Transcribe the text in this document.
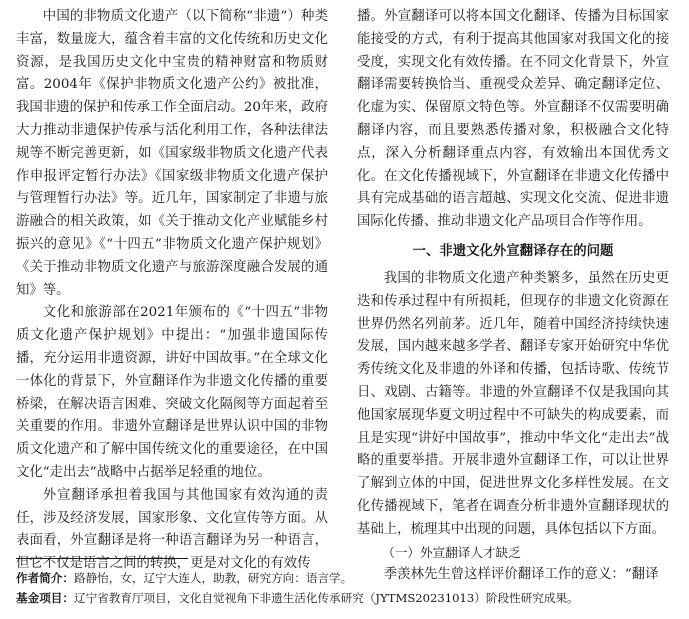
中国的非物质文化遗产（以下简称“非遗”）种类丰富，数量庞大，蕴含着丰富的文化传统和历史文化资源，是我国历史文化中宝贵的精神财富和物质财富。2004年《保护非物质文化遗产公约》被批准，我国非遗的保护和传承工作全面启动。20年来，政府大力推动非遗保护传承与活化利用工作，各种法律法规等不断完善更新，如《国家级非物质文化遗产代表作申报评定暂行办法》《国家级非物质文化遗产保护与管理暂行办法》等。近几年，国家制定了非遗与旅游融合的相关政策，如《关于推动文化产业赋能乡村振兴的意见》《“十四五”非物质文化遗产保护规划》《关于推动非物质文化遗产与旅游深度融合发展的通知》等。

文化和旅游部在2021年颁布的《“十四五”非物质文化遗产保护规划》中提出：“加强非遗国际传播，充分运用非遗资源，讲好中国故事。”在全球文化一体化的背景下，外宣翻译作为非遗文化传播的重要桥梁，在解决语言困难、突破文化隔阂等方面起着至关重要的作用。非遗外宣翻译是世界认识中国的非物质文化遗产和了解中国传统文化的重要途径，在中国文化“走出去”战略中占据举足轻重的地位。

外宣翻译承担着我国与其他国家有效沟通的责任，涉及经济发展，国家形象、文化宣传等方面。从表面看，外宣翻译是将一种语言翻译为另一种语言，但它不仅是语言之间的转换，更是对文化的有效传

播。外宣翻译可以将本国文化翻译、传播为目标国家能接受的方式，有利于提高其他国家对我国文化的接受度，实现文化有效传播。在不同文化背景下，外宣翻译需要转换恰当、重视受众差异、确定翻译定位、化虚为实、保留原文特色等。外宣翻译不仅需要明确翻译内容，而且要熟悉传播对象，积极融合文化特点，深入分析翻译重点内容，有效输出本国优秀文化。在文化传播视域下，外宣翻译在非遗文化传播中具有完成基础的语言超越、实现文化交流、促进非遗国际化传播、推动非遗文化产品项目合作等作用。

一、非遗文化外宣翻译存在的问题

我国的非物质文化遗产种类繁多，虽然在历史更迭和传承过程中有所损耗，但现存的非遗文化资源在世界仍然名列前茅。近几年，随着中国经济持续快速发展，国内越来越多学者、翻译专家开始研究中华优秀传统文化及非遗的外译和传播，包括诗歌、传统节日、戏剧、古籍等。非遗的外宣翻译不仅是我国向其他国家展现华夏文明过程中不可缺失的构成要素，而且是实现“讲好中国故事”，推动中华文化“走出去”战略的重要举措。开展非遗外宣翻译工作，可以让世界了解到立体的中国，促进世界文化多样性发展。在文化传播视域下，笔者在调查分析非遗外宣翻译现状的基础上，梳理其中出现的问题，具体包括以下方面。

（一）外宣翻译人才缺乏

季羡林先生曾这样评价翻译工作的意义：“翻译

作者简介：路静怡，女，辽宁大连人，助教，研究方向：语言学。
基金项目：辽宁省教育厅项目，文化自觉视角下非遗生活化传承研究（JYTMS20231013）阶段性研究成果。
